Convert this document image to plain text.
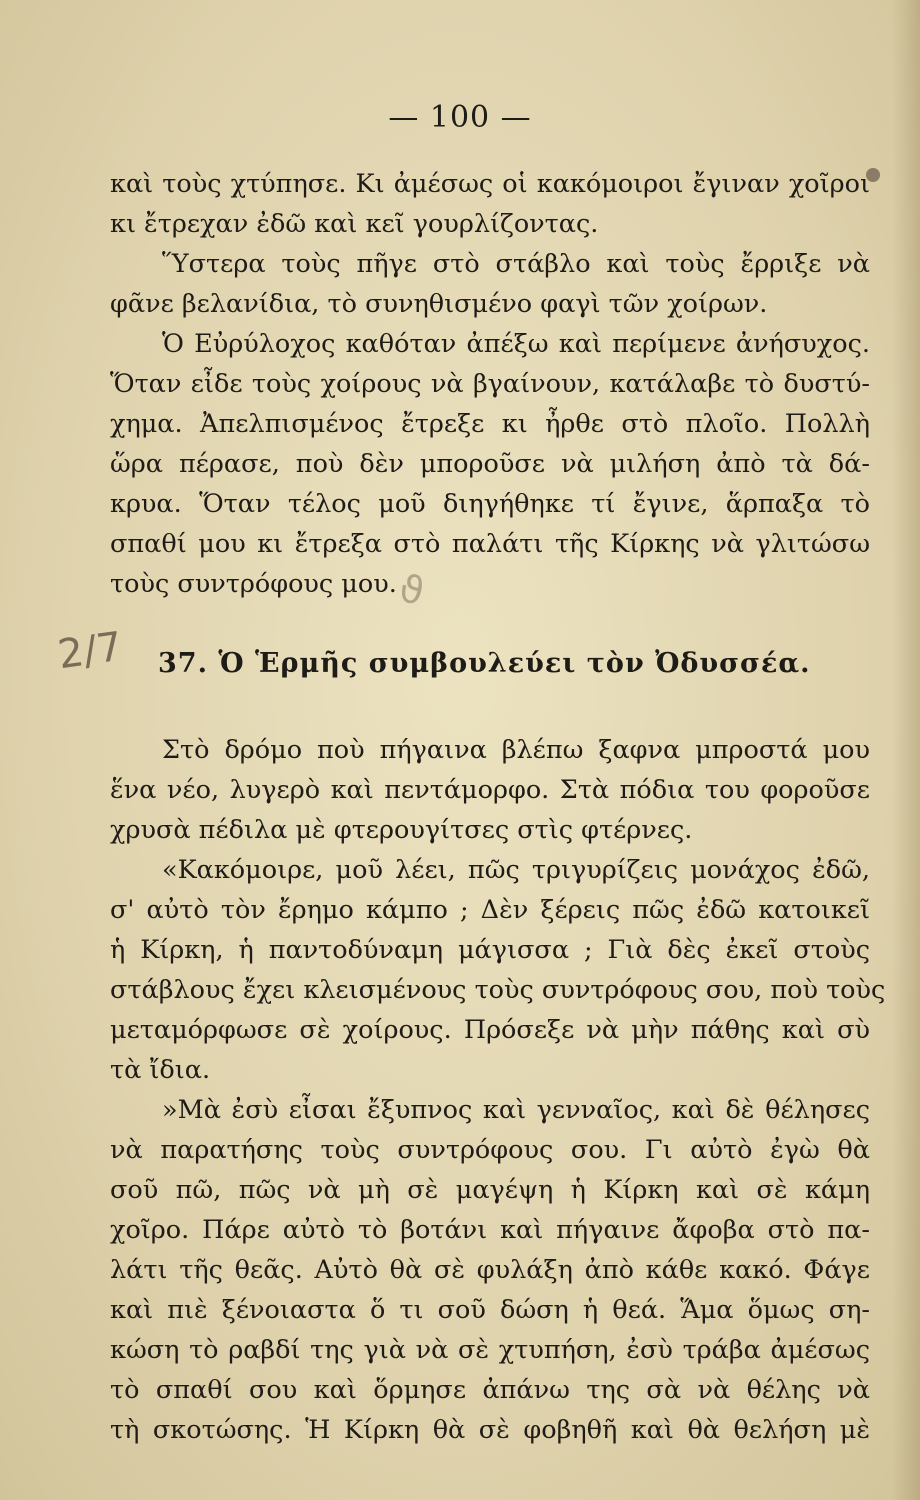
— 100 —
καὶ τοὺς χτύπησε. Κι ἀμέσως οἱ κακόμοιροι ἔγιναν χοῖροι
κι ἔτρεχαν ἐδῶ καὶ κεῖ γουρλίζοντας.
Ὕστερα τοὺς πῆγε στὸ στάβλο καὶ τοὺς ἔρριξε νὰ
φᾶνε βελανίδια, τὸ συνηθισμένο φαγὶ τῶν χοίρων.
Ὁ Εὐρύλοχος καθόταν ἀπέξω καὶ περίμενε ἀνήσυχος.
Ὅταν εἶδε τοὺς χοίρους νὰ βγαίνουν, κατάλαβε τὸ δυστύ-
χημα. Ἀπελπισμένος ἔτρεξε κι ἦρθε στὸ πλοῖο. Πολλὴ
ὥρα πέρασε, ποὺ δὲν μποροῦσε νὰ μιλήση ἀπὸ τὰ δά-
κρυα. Ὅταν τέλος μοῦ διηγήθηκε τί ἔγινε, ἅρπαξα τὸ
σπαθί μου κι ἔτρεξα στὸ παλάτι τῆς Κίρκης νὰ γλιτώσω
τοὺς συντρόφους μου.
ϑ
2/7 37. Ὁ Ἑρμῆς συμβουλεύει τὸν Ὀδυσσέα.
Στὸ δρόμο ποὺ πήγαινα βλέπω ξαφνα μπροστά μου
ἕνα νέο, λυγερὸ καὶ πεντάμορφο. Στὰ πόδια του φοροῦσε
χρυσὰ πέδιλα μὲ φτερουγίτσες στὶς φτέρνες.
«Κακόμοιρε, μοῦ λέει, πῶς τριγυρίζεις μονάχος ἐδῶ,
σ' αὐτὸ τὸν ἔρημο κάμπο ; Δὲν ξέρεις πῶς ἐδῶ κατοικεῖ
ἡ Κίρκη, ἡ παντοδύναμη μάγισσα ; Γιὰ δὲς ἐκεῖ στοὺς
στάβλους ἔχει κλεισμένους τοὺς συντρόφους σου, ποὺ τοὺς
μεταμόρφωσε σὲ χοίρους. Πρόσεξε νὰ μὴν πάθης καὶ σὺ
τὰ ἴδια.
»Μὰ ἐσὺ εἶσαι ἔξυπνος καὶ γενναῖος, καὶ δὲ θέλησες
νὰ παρατήσης τοὺς συντρόφους σου. Γι αὐτὸ ἐγὼ θὰ
σοῦ πῶ, πῶς νὰ μὴ σὲ μαγέψη ἡ Κίρκη καὶ σὲ κάμη
χοῖρο. Πάρε αὐτὸ τὸ βοτάνι καὶ πήγαινε ἄφοβα στὸ πα-
λάτι τῆς θεᾶς. Αὐτὸ θὰ σὲ φυλάξη ἀπὸ κάθε κακό. Φάγε
καὶ πιὲ ξένοιαστα ὅ τι σοῦ δώση ἡ θεά. Ἅμα ὅμως ση-
κώση τὸ ραβδί της γιὰ νὰ σὲ χτυπήση, ἐσὺ τράβα ἀμέσως
τὸ σπαθί σου καὶ ὅρμησε ἀπάνω της σὰ νὰ θέλης νὰ
τὴ σκοτώσης. Ἡ Κίρκη θὰ σὲ φοβηθῆ καὶ θὰ θελήση μὲ
